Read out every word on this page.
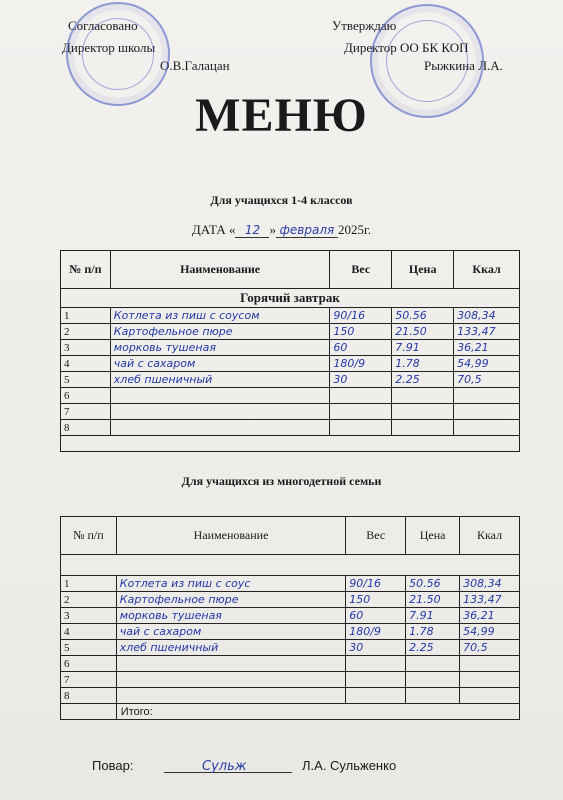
Согласовано
Директор школы
О.В.Галацан
Утверждаю
Директор ОО БК КОП
Рыжкина Л.А.
МЕНЮ
Для учащихся 1-4 классов
ДАТА « 12 » февраля 2025г.
№ п/п	Наименование	Вес	Цена	Ккал
Горячий завтрак				
1	Котлета из пиш с соусом	90/16	50.56	308,34
2	Картофельное пюре	150	21.50	133,47
3	морковь тушеная	60	7.91	36,21
4	чай с сахаром	180/9	1.78	54,99
5	хлеб пшеничный	30	2.25	70,5
6				
7				
8				

Для учащихся из многодетной семьи
№ п/п	Наименование	Вес	Цена	Ккал

1	Котлета из пиш с соус	90/16	50.56	308,34
2	Картофельное пюре	150	21.50	133,47
3	морковь тушеная	60	7.91	36,21
4	чай с сахаром	180/9	1.78	54,99
5	хлеб пшеничный	30	2.25	70,5
6				
7				
8				
	Итого:			
Повар:	Сульж	Л.А. Сульженко
